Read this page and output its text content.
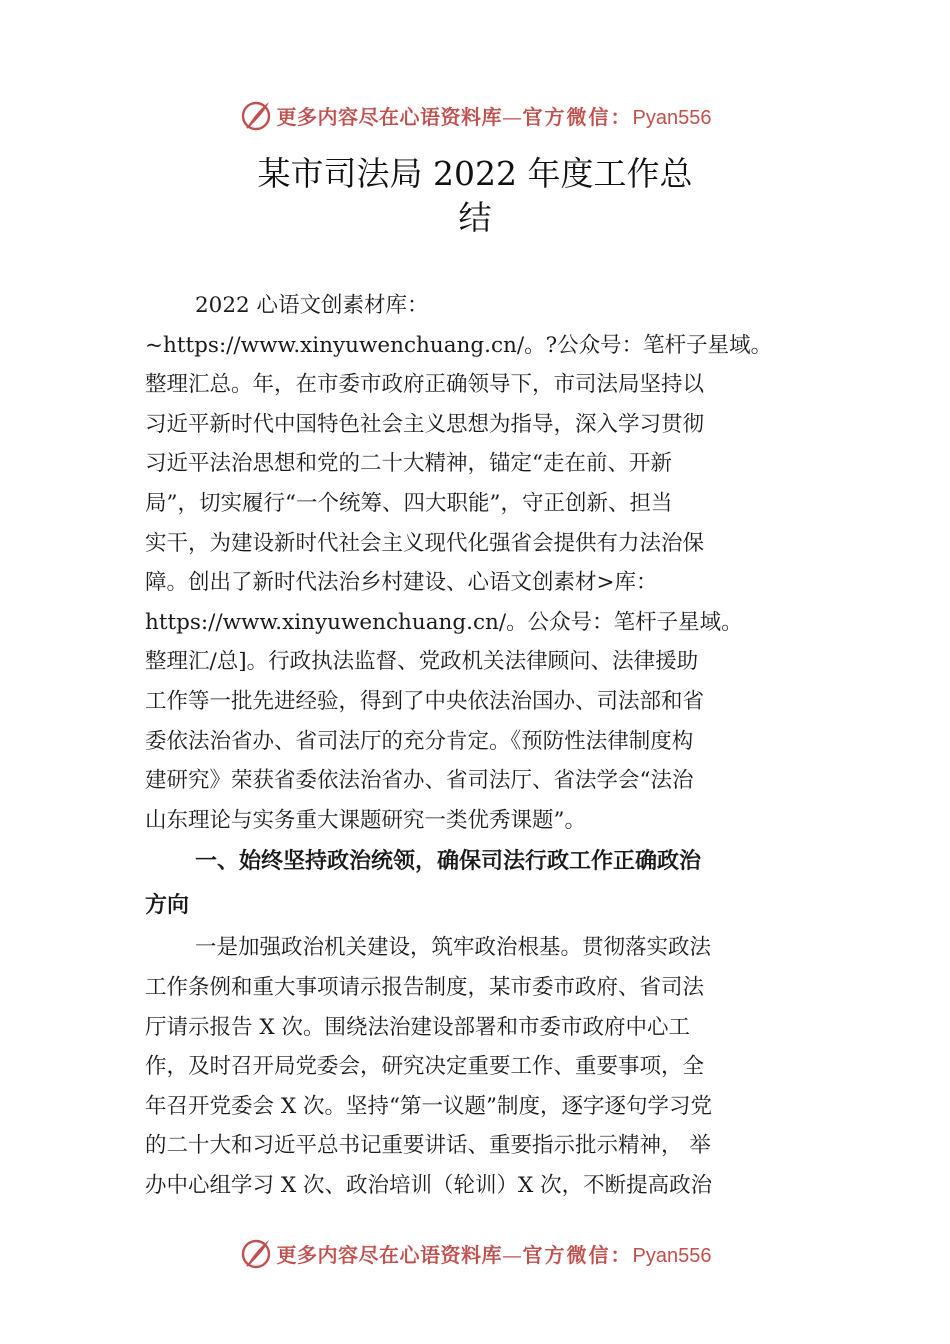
更多内容尽在心语资料库—官方微信：Pyan556
某市司法局 2022 年度工作总
结
2022 心语文创素材库：
~https://www.xinyuwenchuang.cn/。?公众号：笔杆子星域。
整理汇总。年，在市委市政府正确领导下，市司法局坚持以
习近平新时代中国特色社会主义思想为指导，深入学习贯彻
习近平法治思想和党的二十大精神，锚定“走在前、开新
局”，切实履行“一个统筹、四大职能”，守正创新、担当
实干，为建设新时代社会主义现代化强省会提供有力法治保
障。创出了新时代法治乡村建设、心语文创素材>库：
https://www.xinyuwenchuang.cn/。公众号：笔杆子星域。
整理汇/总]。行政执法监督、党政机关法律顾问、法律援助
工作等一批先进经验，得到了中央依法治国办、司法部和省
委依法治省办、省司法厅的充分肯定。《预防性法律制度构
建研究》荣获省委依法治省办、省司法厅、省法学会“法治
山东理论与实务重大课题研究一类优秀课题”。
一、始终坚持政治统领，确保司法行政工作正确政治
方向
一是加强政治机关建设，筑牢政治根基。贯彻落实政法
工作条例和重大事项请示报告制度，某市委市政府、省司法
厅请示报告 X 次。围绕法治建设部署和市委市政府中心工
作，及时召开局党委会，研究决定重要工作、重要事项，全
年召开党委会 X 次。坚持“第一议题”制度，逐字逐句学习党
的二十大和习近平总书记重要讲话、重要指示批示精神， 举
办中心组学习 X 次、政治培训（轮训）X 次，不断提高政治
更多内容尽在心语资料库—官方微信：Pyan556
